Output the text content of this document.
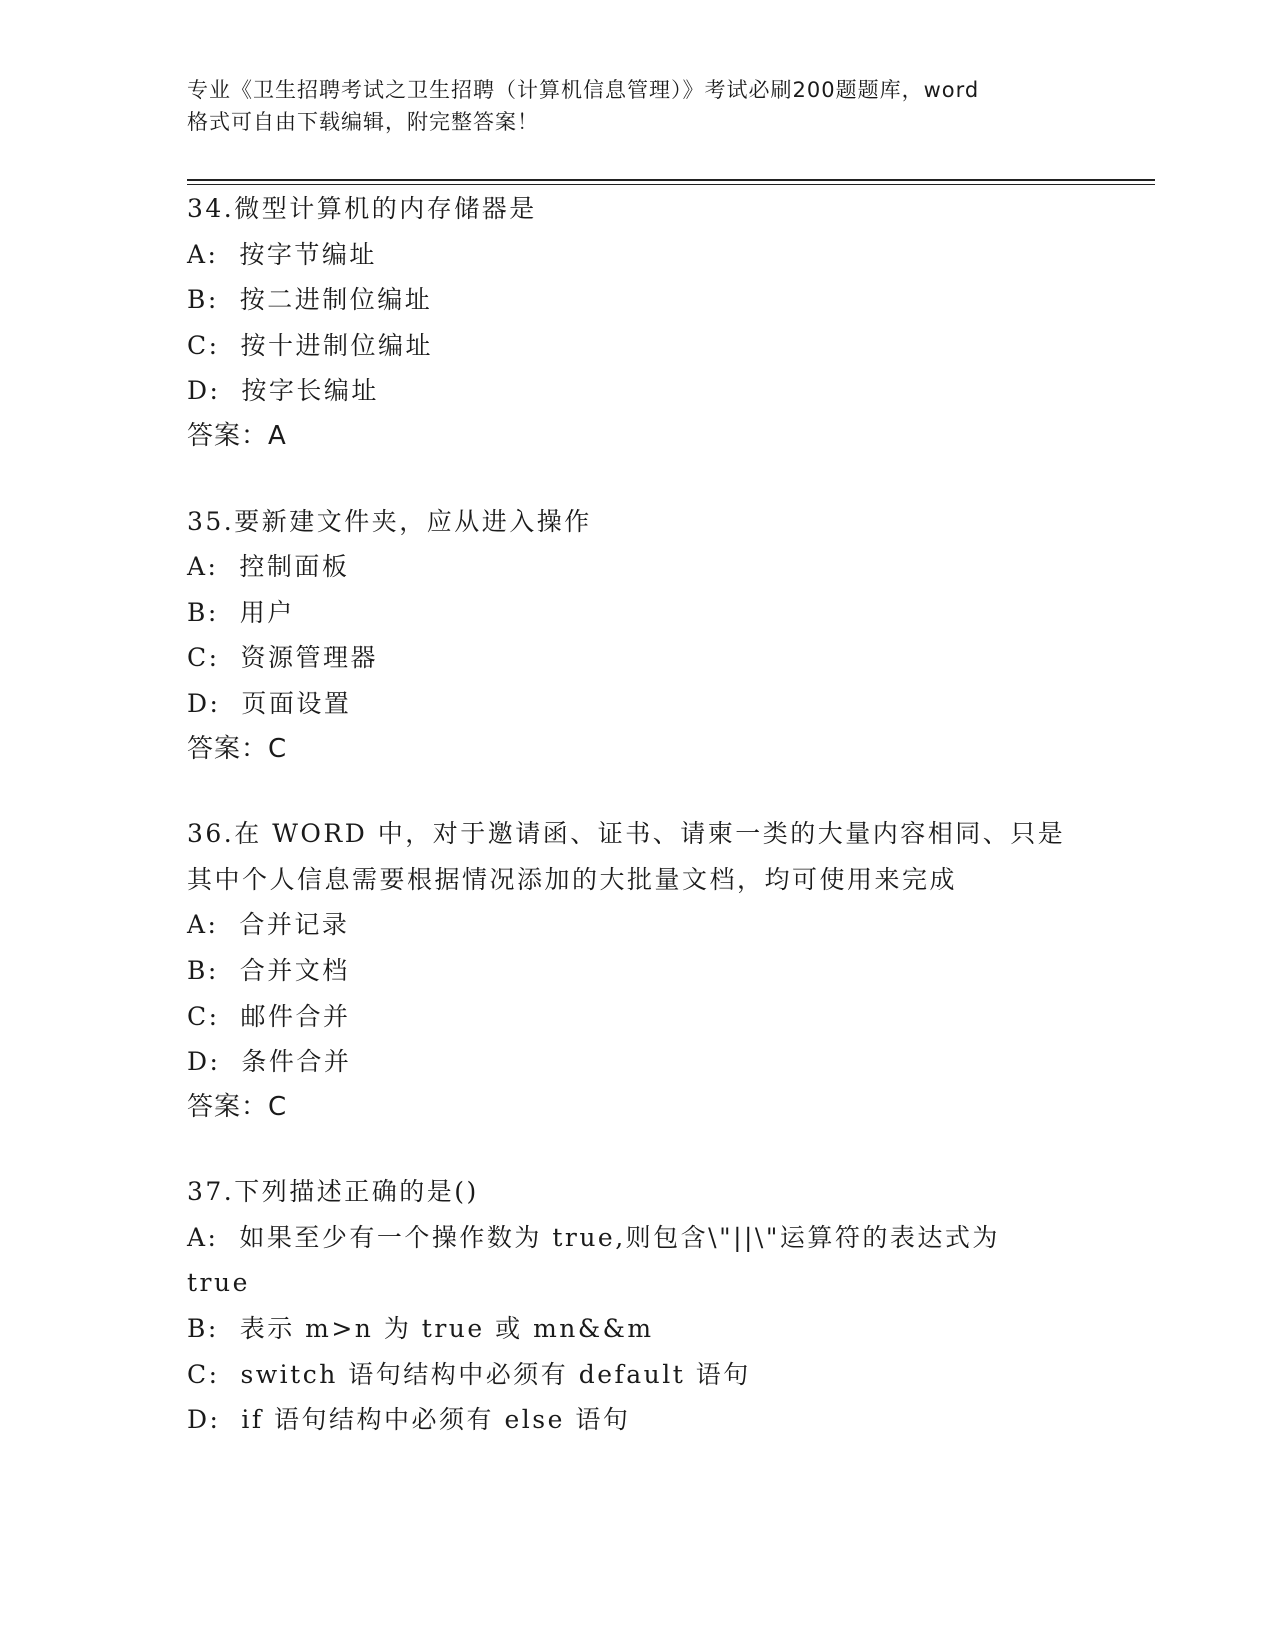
专业《卫生招聘考试之卫生招聘（计算机信息管理）》考试必刷200题题库，word
格式可自由下载编辑，附完整答案！
34.微型计算机的内存储器是
A:  按字节编址
B:  按二进制位编址
C:  按十进制位编址
D:  按字长编址
答案：A
35.要新建文件夹，应从进入操作
A:  控制面板
B:  用户
C:  资源管理器
D:  页面设置
答案：C
36.在 WORD 中，对于邀请函、证书、请柬一类的大量内容相同、只是
其中个人信息需要根据情况添加的大批量文档，均可使用来完成
A:  合并记录
B:  合并文档
C:  邮件合并
D:  条件合并
答案：C
37.下列描述正确的是()
A:  如果至少有一个操作数为 true,则包含\"||\"运算符的表达式为
true
B:  表示 m>n 为 true 或 mn&&m
C:  switch 语句结构中必须有 default 语句
D:  if 语句结构中必须有 else 语句
